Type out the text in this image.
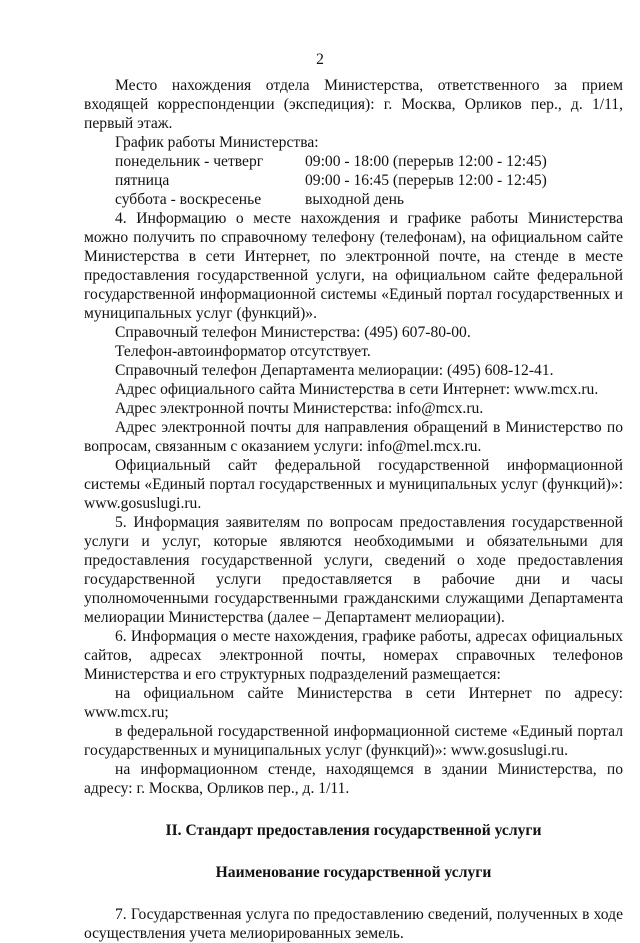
2

Место нахождения отдела Министерства, ответственного за прием входящей корреспонденции (экспедиция): г. Москва, Орликов пер., д. 1/11, первый этаж.

График работы Министерства:

понедельник - четверг	09:00 - 18:00 (перерыв 12:00 - 12:45)
пятница	09:00 - 16:45 (перерыв 12:00 - 12:45)
суббота - воскресенье	выходной день

4. Информацию о месте нахождения и графике работы Министерства можно получить по справочному телефону (телефонам), на официальном сайте Министерства в сети Интернет, по электронной почте, на стенде в месте предоставления государственной услуги, на официальном сайте федеральной государственной информационной системы «Единый портал государственных и муниципальных услуг (функций)».

Справочный телефон Министерства: (495) 607-80-00.

Телефон-автоинформатор отсутствует.

Справочный телефон Департамента мелиорации: (495) 608-12-41.

Адрес официального сайта Министерства в сети Интернет: www.mcx.ru.

Адрес электронной почты Министерства: info@mcx.ru.

Адрес электронной почты для направления обращений в Министерство по вопросам, связанным с оказанием услуги: info@mel.mcx.ru.

Официальный сайт федеральной государственной информационной системы «Единый портал государственных и муниципальных услуг (функций)»: www.gosuslugi.ru.

5. Информация заявителям по вопросам предоставления государственной услуги и услуг, которые являются необходимыми и обязательными для предоставления государственной услуги, сведений о ходе предоставления государственной услуги предоставляется в рабочие дни и часы уполномоченными государственными гражданскими служащими Департамента мелиорации Министерства (далее – Департамент мелиорации).

6. Информация о месте нахождения, графике работы, адресах официальных сайтов, адресах электронной почты, номерах справочных телефонов Министерства и его структурных подразделений размещается:

на официальном сайте Министерства в сети Интернет по адресу: www.mcx.ru;

в федеральной государственной информационной системе «Единый портал государственных и муниципальных услуг (функций)»: www.gosuslugi.ru.

на информационном стенде, находящемся в здании Министерства, по адресу: г. Москва, Орликов пер., д. 1/11.

II. Стандарт предоставления государственной услуги

Наименование государственной услуги

7. Государственная услуга по предоставлению сведений, полученных в ходе осуществления учета мелиорированных земель.
